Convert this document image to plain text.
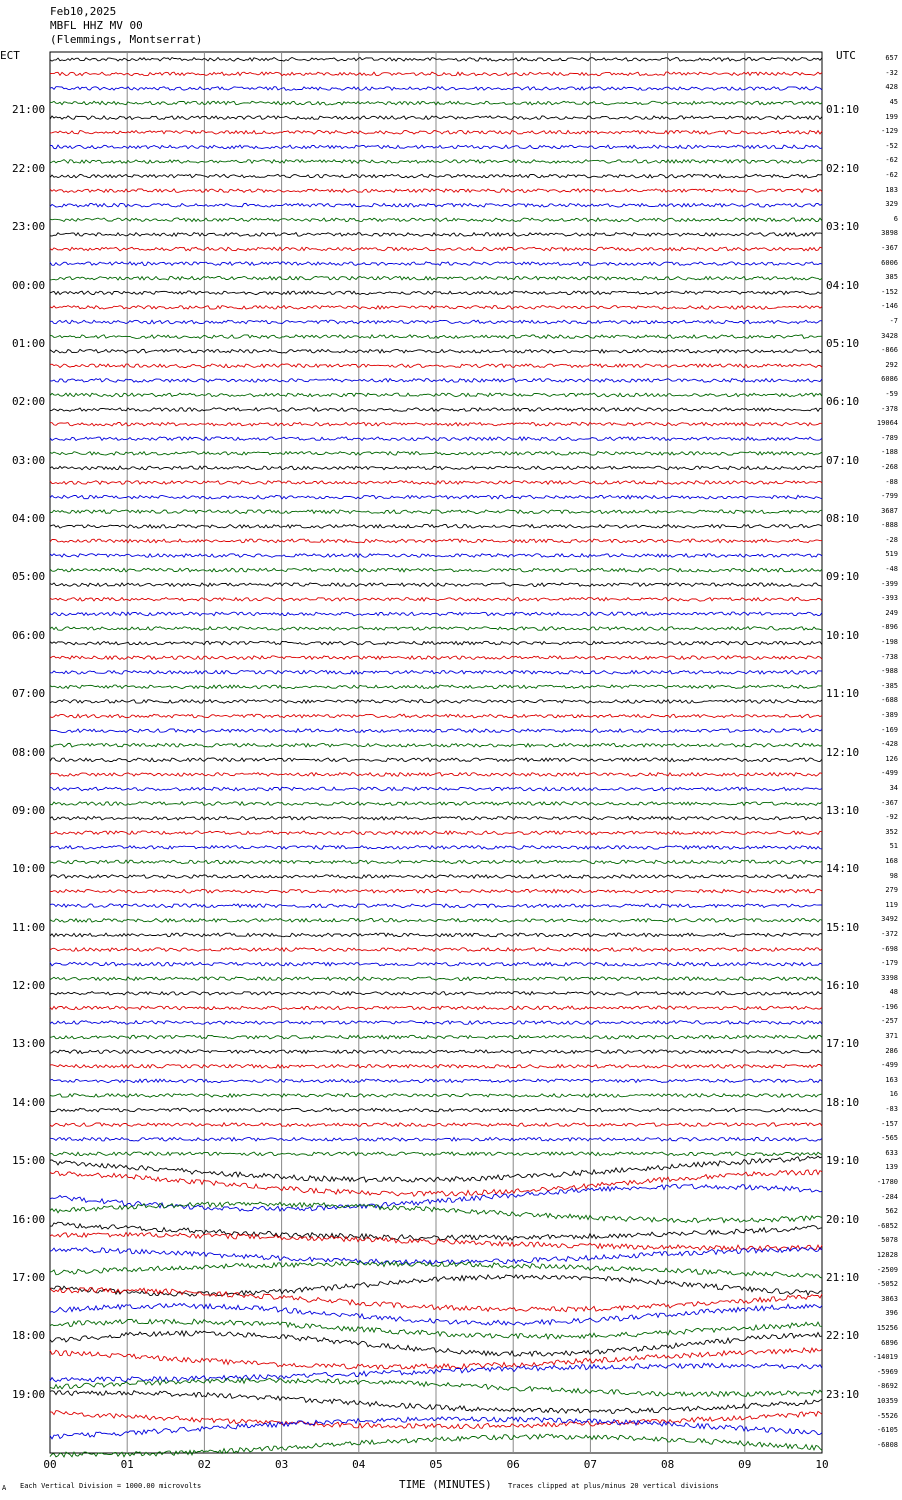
Feb10,2025
MBFL HHZ MV 00
(Flemmings, Montserrat)
ECT	UTC
21:00
22:00
23:00
00:00
01:00
02:00
03:00
04:00
05:00
06:00
07:00
08:00
09:00
10:00
11:00
12:00
13:00
14:00
15:00
16:00
17:00
18:00
19:00
01:10
02:10
03:10
04:10
05:10
06:10
07:10
08:10
09:10
10:10
11:10
12:10
13:10
14:10
15:10
16:10
17:10
18:10
19:10
20:10
21:10
22:10
23:10
657
-32
428
45
199
-129
-52
-62
-62
183
329
6
3898
-367
6006
385
-152
-146
-7
3428
-866
292
6086
-59
-378
19064
-789
-188
-268
-88
-799
3687
-888
-28
519
-48
-399
-393
249
-896
-198
-738
-988
-385
-688
-389
-169
-428
126
-499
34
-367
-92
352
51
168
98
279
119
3492
-372
-698
-179
3398
48
-196
-257
371
286
-499
163
16
-83
-157
-565
633
139
-1780
-284
562
-6852
5078
12828
-2509
-5052
3863
396
15256
6896
-14019
-5969
-8692
10359
-5526
-6105
-6808
00	01	02	03	04	05	06	07	08	09	10
TIME (MINUTES)
A Each Vertical Division = 1000.00 microvolts	Traces clipped at plus/minus 20 vertical divisions
